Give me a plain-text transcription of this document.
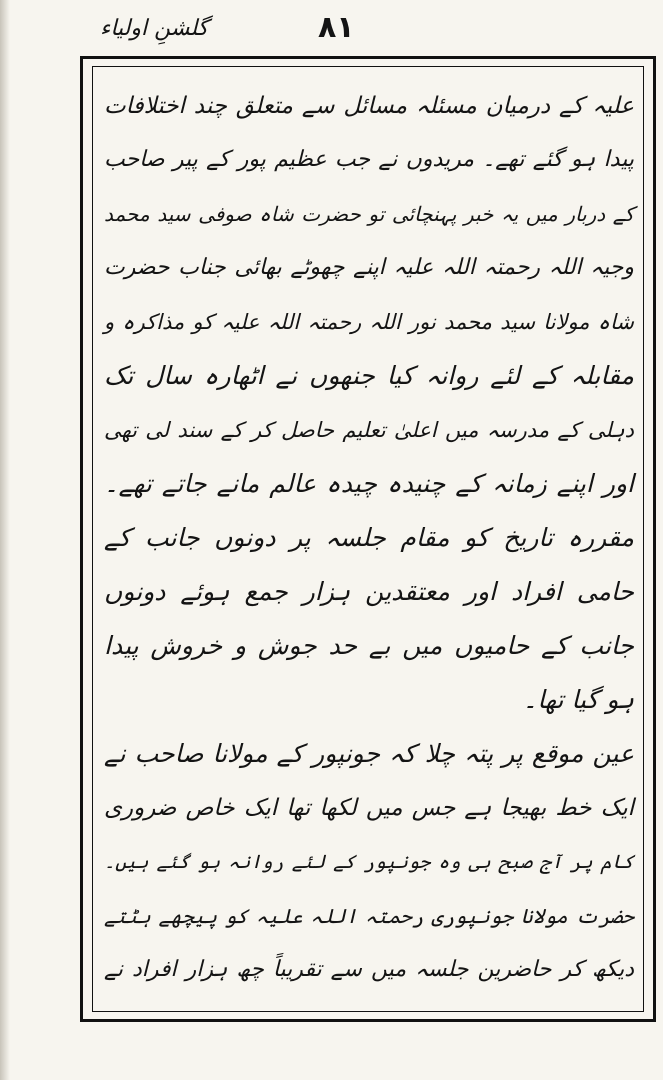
گلشنِ اولیاء	۸۱
علیہ کے درمیان مسئلہ مسائل سے متعلق چند اختلافات
پیدا ہو گئے تھے۔ مریدوں نے جب عظیم پور کے پیر صاحب
کے دربار میں یہ خبر پہنچائی تو حضرت شاہ صوفی سید محمد
وجیہ اللہ رحمتہ اللہ علیہ اپنے چھوٹے بھائی جناب حضرت
شاہ مولانا سید محمد نور اللہ رحمتہ اللہ علیہ کو مذاکرہ و
مقابلہ کے لئے روانہ کیا جنھوں نے اٹھارہ سال تک
دہلی کے مدرسہ میں اعلیٰ تعلیم حاصل کر کے سند لی تھی
اور اپنے زمانہ کے چنیدہ چیدہ عالم مانے جاتے تھے۔
مقررہ تاریخ کو مقام جلسہ پر دونوں جانب کے
حامی افراد اور معتقدین ہزار جمع ہوئے دونوں
جانب کے حامیوں میں بے حد جوش و خروش پیدا
ہو گیا تھا۔
عین موقع پر پتہ چلا کہ جونپور کے مولانا صاحب نے
ایک خط بھیجا ہے جس میں لکھا تھا ایک خاص ضروری
کام پر آج صبح ہی وہ جونپور کے لئے روانہ ہو گئے ہیں۔
حضرت مولانا جونپوری رحمتہ اللہ علیہ کو پیچھے ہٹتے
دیکھ کر حاضرین جلسہ میں سے تقریباً چھ ہزار افراد نے
